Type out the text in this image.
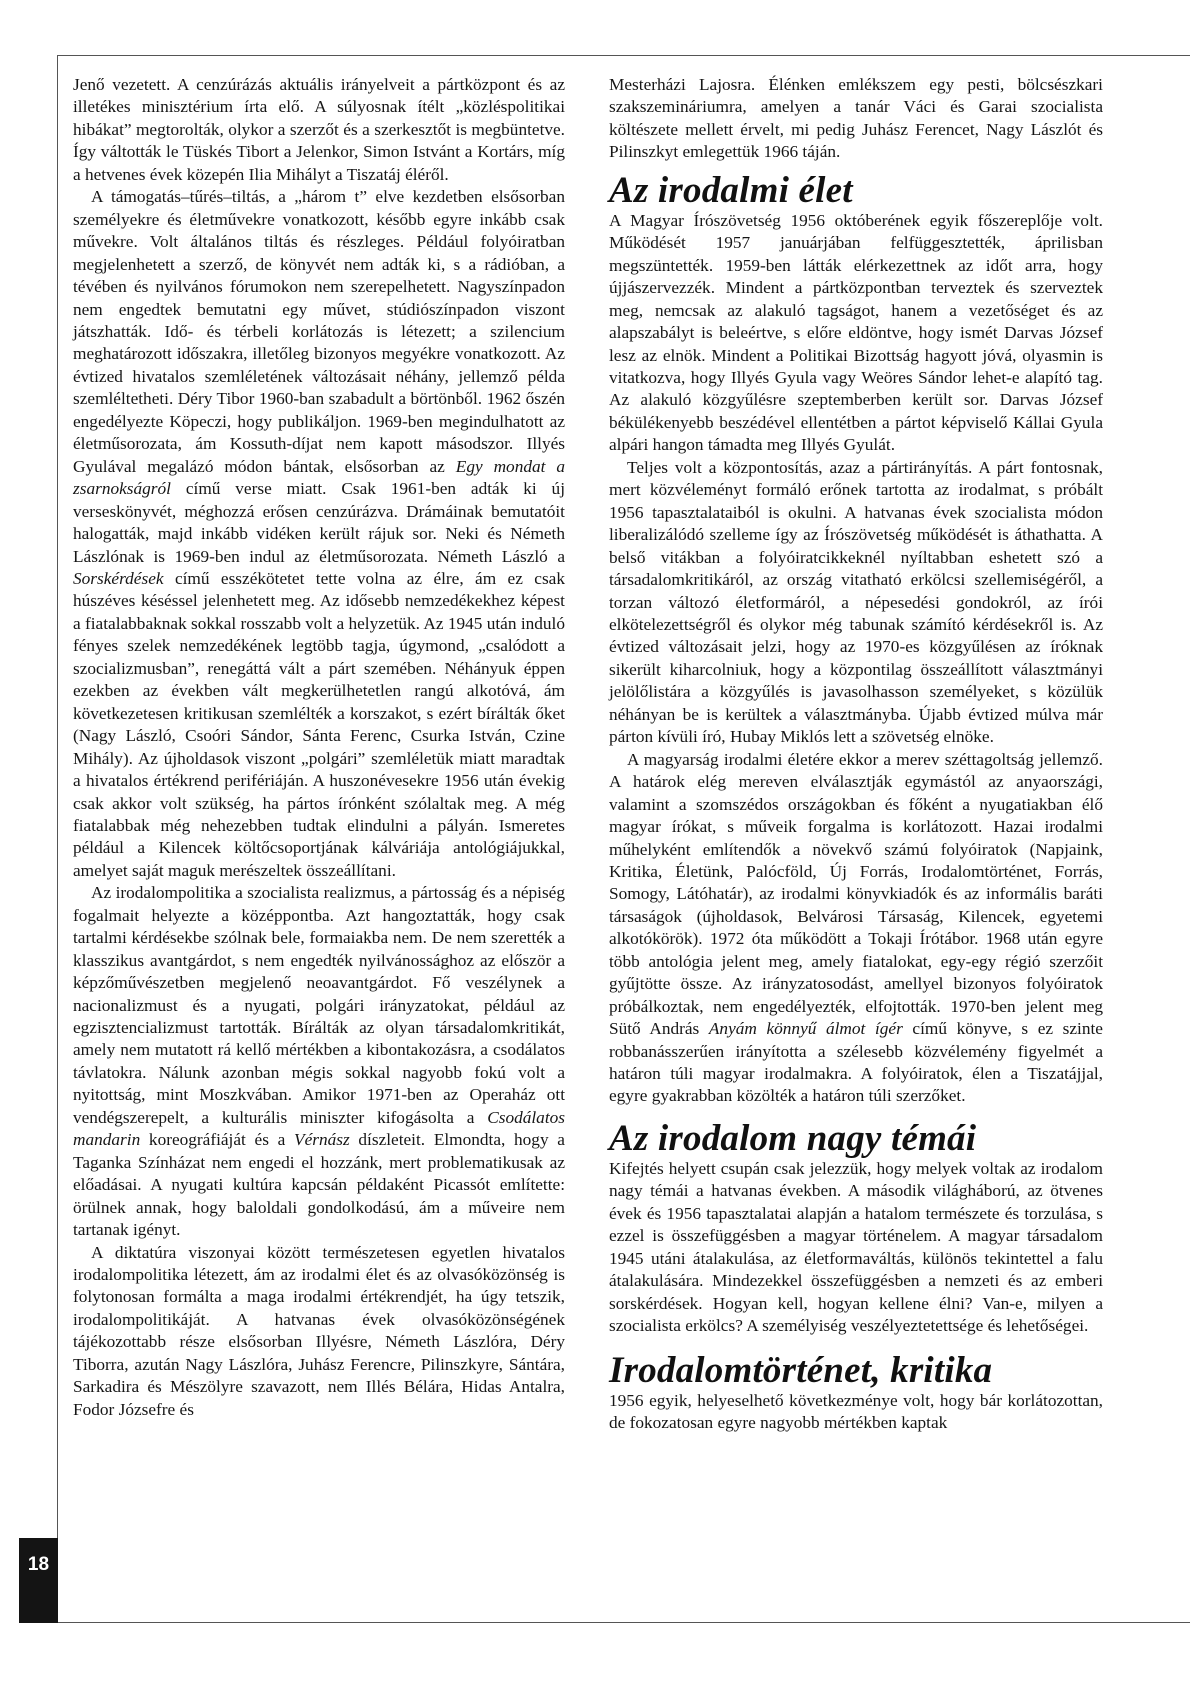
Jenő vezetett. A cenzúrázás aktuális irányelveit a pártközpont és az illetékes minisztérium írta elő. A súlyosnak ítélt „közléspolitikai hibákat” megtorolták, olykor a szerzőt és a szerkesztőt is megbüntetve. Így váltották le Tüskés Tibort a Jelenkor, Simon Istvánt a Kortárs, míg a hetvenes évek közepén Ilia Mihályt a Tiszatáj éléről.

A támogatás–tűrés–tiltás, a „három t” elve kezdetben elsősorban személyekre és életművekre vonatkozott, később egyre inkább csak művekre. Volt általános tiltás és részleges. Például folyóiratban megjelenhetett a szerző, de könyvét nem adták ki, s a rádióban, a tévében és nyilvános fórumokon nem szerepelhetett. Nagyszínpadon nem engedtek bemutatni egy művet, stúdiószínpadon viszont játszhatták. Idő- és térbeli korlátozás is létezett; a szilencium meghatározott időszakra, illetőleg bizonyos megyékre vonatkozott. Az évtized hivatalos szemléletének változásait néhány, jellemző példa szemléltetheti. Déry Tibor 1960-ban szabadult a börtönből. 1962 őszén engedélyezte Köpeczi, hogy publikáljon. 1969-ben megindulhatott az életműsorozata, ám Kossuth-díjat nem kapott másodszor. Illyés Gyulával megalázó módon bántak, elsősorban az Egy mondat a zsarnokságról című verse miatt. Csak 1961-ben adták ki új verseskönyvét, méghozzá erősen cenzúrázva. Drámáinak bemutatóit halogatták, majd inkább vidéken került rájuk sor. Neki és Németh Lászlónak is 1969-ben indul az életműsorozata. Németh László a Sorskérdések című esszékötetet tette volna az élre, ám ez csak húszéves késéssel jelenhetett meg. Az idősebb nemzedékekhez képest a fiatalabbaknak sokkal rosszabb volt a helyzetük. Az 1945 után induló fényes szelek nemzedékének legtöbb tagja, úgymond, „csalódott a szocializmusban”, renegáttá vált a párt szemében. Néhányuk éppen ezekben az években vált megkerülhetetlen rangú alkotóvá, ám következetesen kritikusan szemlélték a korszakot, s ezért bírálták őket (Nagy László, Csoóri Sándor, Sánta Ferenc, Csurka István, Czine Mihály). Az újholdasok viszont „polgári” szemléletük miatt maradtak a hivatalos értékrend perifériáján. A huszonévesekre 1956 után évekig csak akkor volt szükség, ha pártos írónként szólaltak meg. A még fiatalabbak még nehezebben tudtak elindulni a pályán. Ismeretes például a Kilencek költőcsoportjának kálváriája antológiájukkal, amelyet saját maguk merészeltek összeállítani.

Az irodalompolitika a szocialista realizmus, a pártosság és a népiség fogalmait helyezte a középpontba. Azt hangoztatták, hogy csak tartalmi kérdésekbe szólnak bele, formaiakba nem. De nem szerették a klasszikus avantgárdot, s nem engedték nyilvánossághoz az először a képzőművészetben megjelenő neoavantgárdot. Fő veszélynek a nacionalizmust és a nyugati, polgári irányzatokat, például az egzisztencializmust tartották. Bírálták az olyan társadalomkritikát, amely nem mutatott rá kellő mértékben a kibontakozásra, a csodálatos távlatokra. Nálunk azonban mégis sokkal nagyobb fokú volt a nyitottság, mint Moszkvában. Amikor 1971-ben az Operaház ott vendégszerepelt, a kulturális miniszter kifogásolta a Csodálatos mandarin koreográfiáját és a Vérnász díszleteit. Elmondta, hogy a Taganka Színházat nem engedi el hozzánk, mert problematikusak az előadásai. A nyugati kultúra kapcsán példaként Picassót említette: örülnek annak, hogy baloldali gondolkodású, ám a műveire nem tartanak igényt.

A diktatúra viszonyai között természetesen egyetlen hivatalos irodalompolitika létezett, ám az irodalmi élet és az olvasóközönség is folytonosan formálta a maga irodalmi értékrendjét, ha úgy tetszik, irodalompolitikáját. A hatvanas évek olvasóközönségének tájékozottabb része elsősorban Illyésre, Németh Lászlóra, Déry Tiborra, azután Nagy Lászlóra, Juhász Ferencre, Pilinszkyre, Sántára, Sarkadira és Mészölyre szavazott, nem Illés Bélára, Hidas Antalra, Fodor Józsefre és

Mesterházi Lajosra. Élénken emlékszem egy pesti, bölcsészkari szakszemináriumra, amelyen a tanár Váci és Garai szocialista költészete mellett érvelt, mi pedig Juhász Ferencet, Nagy Lászlót és Pilinszkyt emlegettük 1966 táján.

Az irodalmi élet

A Magyar Írószövetség 1956 októberének egyik főszereplője volt. Működését 1957 januárjában felfüggesztették, áprilisban megszüntették. 1959-ben látták elérkezettnek az időt arra, hogy újjászervezzék. Mindent a pártközpontban terveztek és szerveztek meg, nemcsak az alakuló tagságot, hanem a vezetőséget és az alapszabályt is beleértve, s előre eldöntve, hogy ismét Darvas József lesz az elnök. Mindent a Politikai Bizottság hagyott jóvá, olyasmin is vitatkozva, hogy Illyés Gyula vagy Weöres Sándor lehet-e alapító tag. Az alakuló közgyűlésre szeptemberben került sor. Darvas József békülékenyebb beszédével ellentétben a pártot képviselő Kállai Gyula alpári hangon támadta meg Illyés Gyulát.

Teljes volt a központosítás, azaz a pártirányítás. A párt fontosnak, mert közvéleményt formáló erőnek tartotta az irodalmat, s próbált 1956 tapasztalataiból is okulni. A hatvanas évek szocialista módon liberalizálódó szelleme így az Írószövetség működését is áthathatta. A belső vitákban a folyóiratcikkeknél nyíltabban eshetett szó a társadalomkritikáról, az ország vitatható erkölcsi szellemiségéről, a torzan változó életformáról, a népesedési gondokról, az írói elkötelezettségről és olykor még tabunak számító kérdésekről is. Az évtized változásait jelzi, hogy az 1970-es közgyűlésen az íróknak sikerült kiharcolniuk, hogy a központilag összeállított választmányi jelölőlistára a közgyűlés is javasolhasson személyeket, s közülük néhányan be is kerültek a választmányba. Újabb évtized múlva már párton kívüli író, Hubay Miklós lett a szövetség elnöke.

A magyarság irodalmi életére ekkor a merev széttagoltság jellemző. A határok elég mereven elválasztják egymástól az anyaországi, valamint a szomszédos országokban és főként a nyugatiakban élő magyar írókat, s műveik forgalma is korlátozott. Hazai irodalmi műhelyként említendők a növekvő számú folyóiratok (Napjaink, Kritika, Életünk, Palócföld, Új Forrás, Irodalomtörténet, Forrás, Somogy, Látóhatár), az irodalmi könyvkiadók és az informális baráti társaságok (újholdasok, Belvárosi Társaság, Kilencek, egyetemi alkotókörök). 1972 óta működött a Tokaji Írótábor. 1968 után egyre több antológia jelent meg, amely fiatalokat, egy-egy régió szerzőit gyűjtötte össze. Az irányzatosodást, amellyel bizonyos folyóiratok próbálkoztak, nem engedélyezték, elfojtották. 1970-ben jelent meg Sütő András Anyám könnyű álmot ígér című könyve, s ez szinte robbanásszerűen irányította a szélesebb közvélemény figyelmét a határon túli magyar irodalmakra. A folyóiratok, élen a Tiszatájjal, egyre gyakrabban közölték a határon túli szerzőket.

Az irodalom nagy témái

Kifejtés helyett csupán csak jelezzük, hogy melyek voltak az irodalom nagy témái a hatvanas években. A második világháború, az ötvenes évek és 1956 tapasztalatai alapján a hatalom természete és torzulása, s ezzel is összefüggésben a magyar történelem. A magyar társadalom 1945 utáni átalakulása, az életformaváltás, különös tekintettel a falu átalakulására. Mindezekkel összefüggésben a nemzeti és az emberi sorskérdések. Hogyan kell, hogyan kellene élni? Van-e, milyen a szocialista erkölcs? A személyiség veszélyeztetettsége és lehetőségei.

Irodalomtörténet, kritika

1956 egyik, helyeselhető következménye volt, hogy bár korlátozottan, de fokozatosan egyre nagyobb mértékben kaptak

18
